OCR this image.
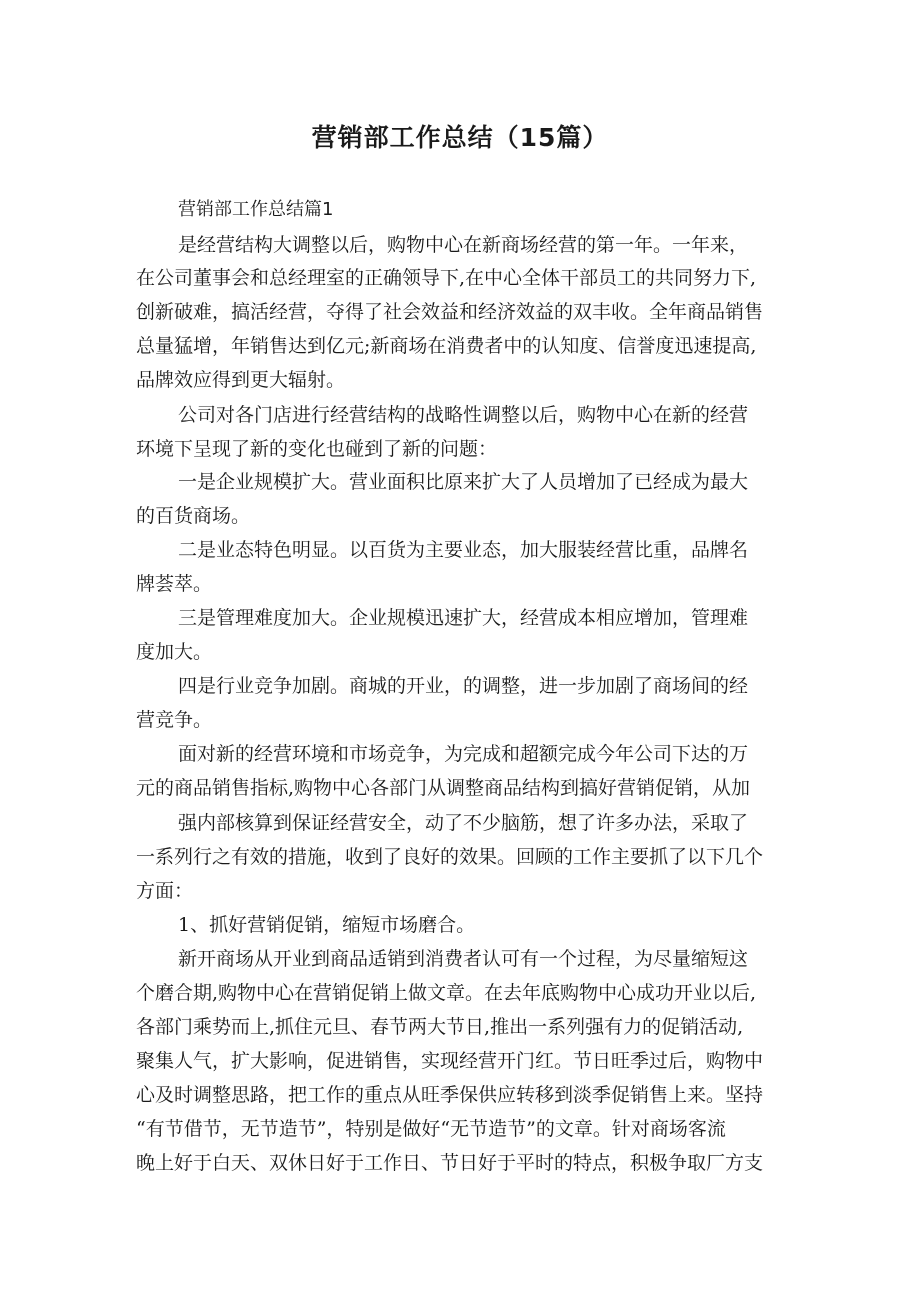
营销部工作总结（15篇）
营销部工作总结篇1
是经营结构大调整以后，购物中心在新商场经营的第一年。一年来，
在公司董事会和总经理室的正确领导下,在中心全体干部员工的共同努力下,
创新破难，搞活经营，夺得了社会效益和经济效益的双丰收。全年商品销售
总量猛增，年销售达到亿元;新商场在消费者中的认知度、信誉度迅速提高,
品牌效应得到更大辐射。
公司对各门店进行经营结构的战略性调整以后，购物中心在新的经营
环境下呈现了新的变化也碰到了新的问题：
一是企业规模扩大。营业面积比原来扩大了人员增加了已经成为最大
的百货商场。
二是业态特色明显。以百货为主要业态，加大服装经营比重，品牌名
牌荟萃。
三是管理难度加大。企业规模迅速扩大，经营成本相应增加，管理难
度加大。
四是行业竞争加剧。商城的开业，的调整，进一步加剧了商场间的经
营竞争。
面对新的经营环境和市场竞争，为完成和超额完成今年公司下达的万
元的商品销售指标,购物中心各部门从调整商品结构到搞好营销促销，从加
强内部核算到保证经营安全，动了不少脑筋，想了许多办法，采取了
一系列行之有效的措施，收到了良好的效果。回顾的工作主要抓了以下几个
方面：
1、抓好营销促销，缩短市场磨合。
新开商场从开业到商品适销到消费者认可有一个过程，为尽量缩短这
个磨合期,购物中心在营销促销上做文章。在去年底购物中心成功开业以后,
各部门乘势而上,抓住元旦、春节两大节日,推出一系列强有力的促销活动,
聚集人气，扩大影响，促进销售，实现经营开门红。节日旺季过后，购物中
心及时调整思路，把工作的重点从旺季保供应转移到淡季促销售上来。坚持
“有节借节，无节造节”，特别是做好“无节造节”的文章。针对商场客流
晚上好于白天、双休日好于工作日、节日好于平时的特点，积极争取厂方支
